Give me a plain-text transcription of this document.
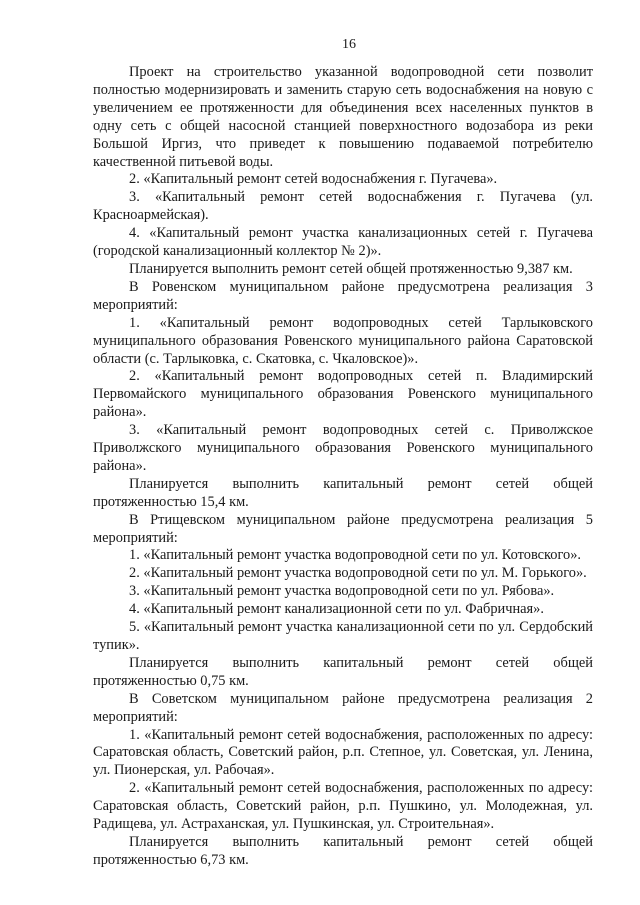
16

Проект на строительство указанной водопроводной сети позволит полностью модернизировать и заменить старую сеть водоснабжения на новую с увеличением ее протяженности для объединения всех населенных пунктов в одну сеть с общей насосной станцией поверхностного водозабора из реки Большой Иргиз, что приведет к повышению подаваемой потребителю качественной питьевой воды.

2. «Капитальный ремонт сетей водоснабжения г. Пугачева».

3. «Капитальный ремонт сетей водоснабжения г. Пугачева (ул. Красноармейская).

4. «Капитальный ремонт участка канализационных сетей г. Пугачева (городской канализационный коллектор № 2)».

Планируется выполнить ремонт сетей общей протяженностью 9,387 км.

В Ровенском муниципальном районе предусмотрена реализация 3 мероприятий:

1. «Капитальный ремонт водопроводных сетей Тарлыковского муниципального образования Ровенского муниципального района Саратовской области (с. Тарлыковка, с. Скатовка, с. Чкаловское)».

2. «Капитальный ремонт водопроводных сетей п. Владимирский Первомайского муниципального образования Ровенского муниципального района».

3. «Капитальный ремонт водопроводных сетей с. Приволжское Приволжского муниципального образования Ровенского муниципального района».

Планируется выполнить капитальный ремонт сетей общей протяженностью 15,4 км.

В Ртищевском муниципальном районе предусмотрена реализация 5 мероприятий:

1. «Капитальный ремонт участка водопроводной сети по ул. Котовского».

2. «Капитальный ремонт участка водопроводной сети по ул. М. Горького».

3. «Капитальный ремонт участка водопроводной сети по ул. Рябова».

4. «Капитальный ремонт канализационной сети по ул. Фабричная».

5. «Капитальный ремонт участка канализационной сети по ул. Сердобский тупик».

Планируется выполнить капитальный ремонт сетей общей протяженностью 0,75 км.

В Советском муниципальном районе предусмотрена реализация 2 мероприятий:

1. «Капитальный ремонт сетей водоснабжения, расположенных по адресу: Саратовская область, Советский район, р.п. Степное, ул. Советская, ул. Ленина, ул. Пионерская, ул. Рабочая».

2. «Капитальный ремонт сетей водоснабжения, расположенных по адресу: Саратовская область, Советский район, р.п. Пушкино, ул. Молодежная, ул. Радищева, ул. Астраханская, ул. Пушкинская, ул. Строительная».

Планируется выполнить капитальный ремонт сетей общей протяженностью 6,73 км.
